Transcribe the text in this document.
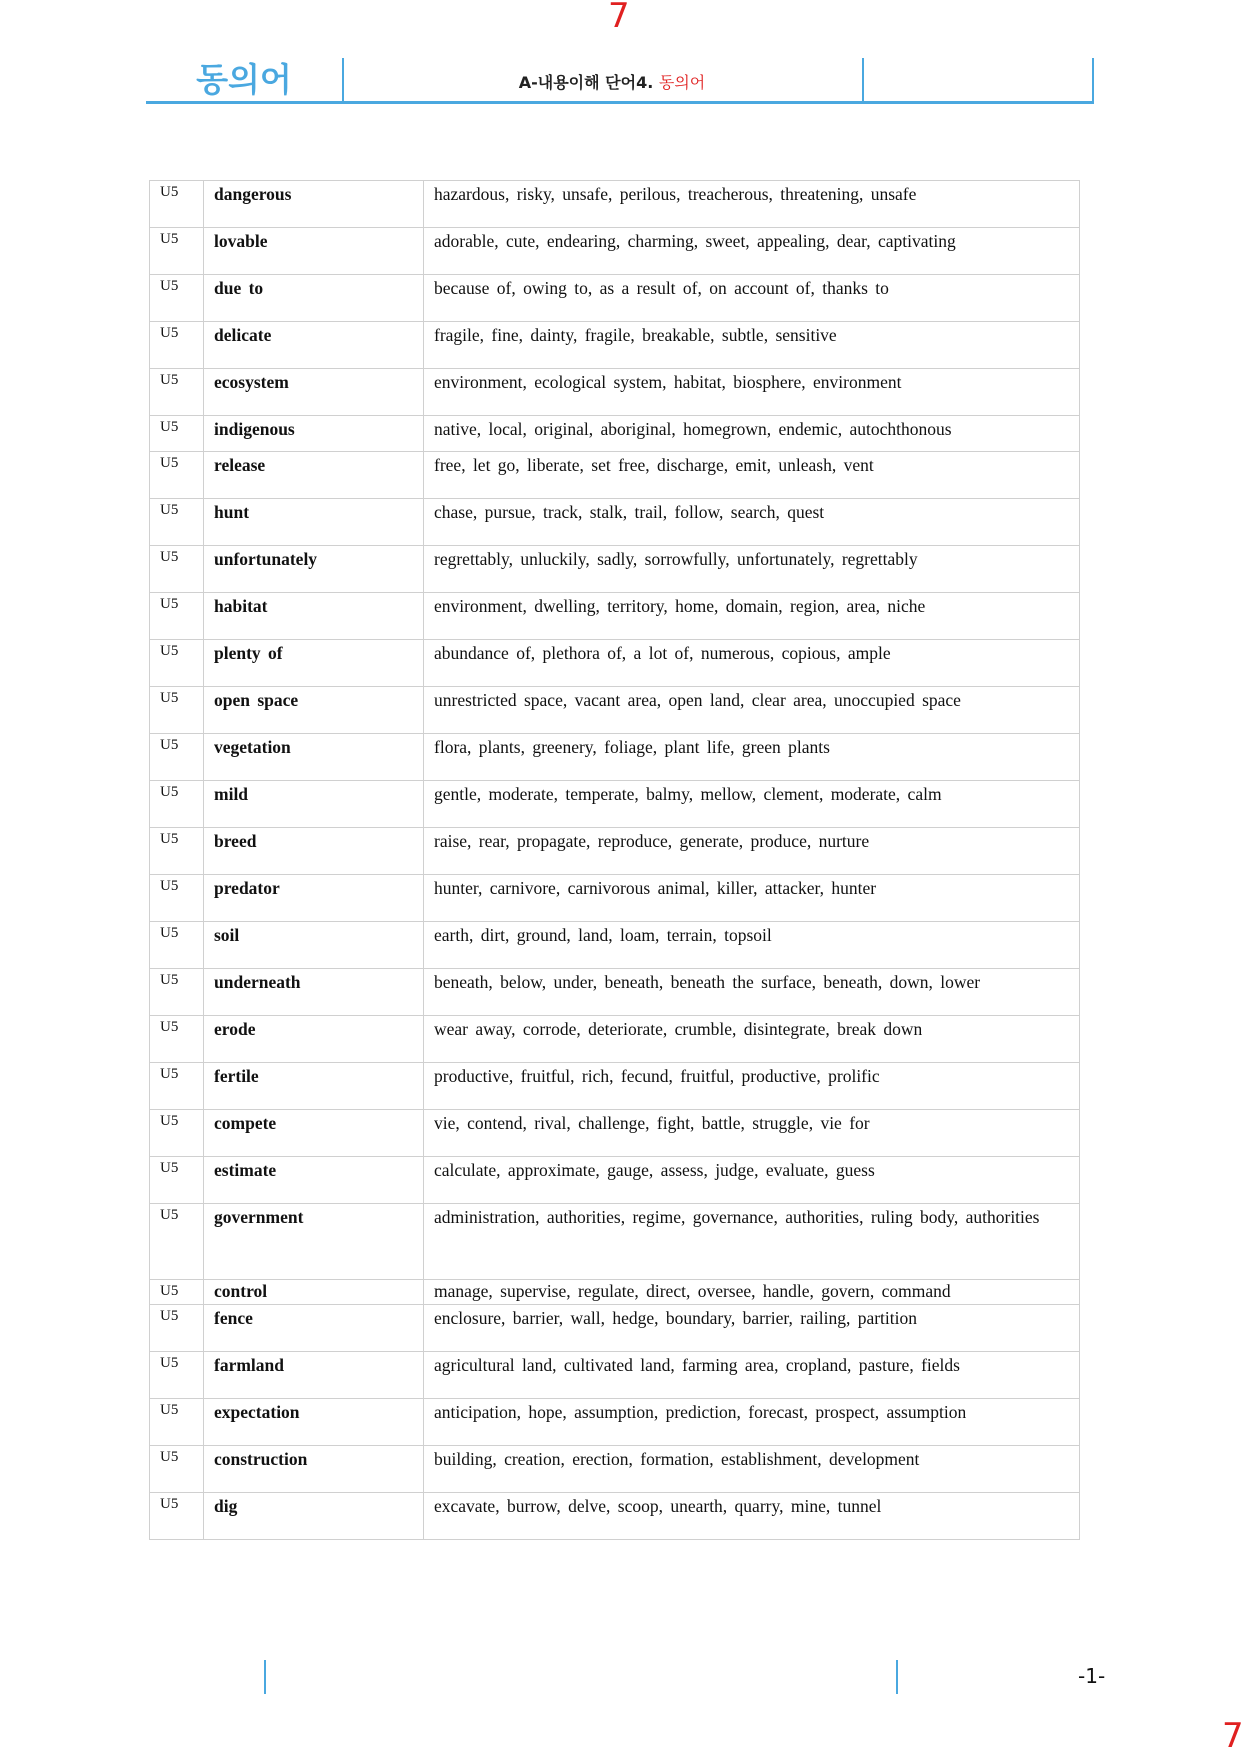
7
동의어	A-내용이해 단어4. 동의어
U5	dangerous	hazardous, risky, unsafe, perilous, treacherous, threatening, unsafe
U5	lovable	adorable, cute, endearing, charming, sweet, appealing, dear, captivating
U5	due to	because of, owing to, as a result of, on account of, thanks to
U5	delicate	fragile, fine, dainty, fragile, breakable, subtle, sensitive
U5	ecosystem	environment, ecological system, habitat, biosphere, environment
U5	indigenous	native, local, original, aboriginal, homegrown, endemic, autochthonous
U5	release	free, let go, liberate, set free, discharge, emit, unleash, vent
U5	hunt	chase, pursue, track, stalk, trail, follow, search, quest
U5	unfortunately	regrettably, unluckily, sadly, sorrowfully, unfortunately, regrettably
U5	habitat	environment, dwelling, territory, home, domain, region, area, niche
U5	plenty of	abundance of, plethora of, a lot of, numerous, copious, ample
U5	open space	unrestricted space, vacant area, open land, clear area, unoccupied space
U5	vegetation	flora, plants, greenery, foliage, plant life, green plants
U5	mild	gentle, moderate, temperate, balmy, mellow, clement, moderate, calm
U5	breed	raise, rear, propagate, reproduce, generate, produce, nurture
U5	predator	hunter, carnivore, carnivorous animal, killer, attacker, hunter
U5	soil	earth, dirt, ground, land, loam, terrain, topsoil
U5	underneath	beneath, below, under, beneath, beneath the surface, beneath, down, lower
U5	erode	wear away, corrode, deteriorate, crumble, disintegrate, break down
U5	fertile	productive, fruitful, rich, fecund, fruitful, productive, prolific
U5	compete	vie, contend, rival, challenge, fight, battle, struggle, vie for
U5	estimate	calculate, approximate, gauge, assess, judge, evaluate, guess
U5	government	administration, authorities, regime, governance, authorities, ruling body, authorities
U5	control	manage, supervise, regulate, direct, oversee, handle, govern, command
U5	fence	enclosure, barrier, wall, hedge, boundary, barrier, railing, partition
U5	farmland	agricultural land, cultivated land, farming area, cropland, pasture, fields
U5	expectation	anticipation, hope, assumption, prediction, forecast, prospect, assumption
U5	construction	building, creation, erection, formation, establishment, development
U5	dig	excavate, burrow, delve, scoop, unearth, quarry, mine, tunnel
-1-
7
